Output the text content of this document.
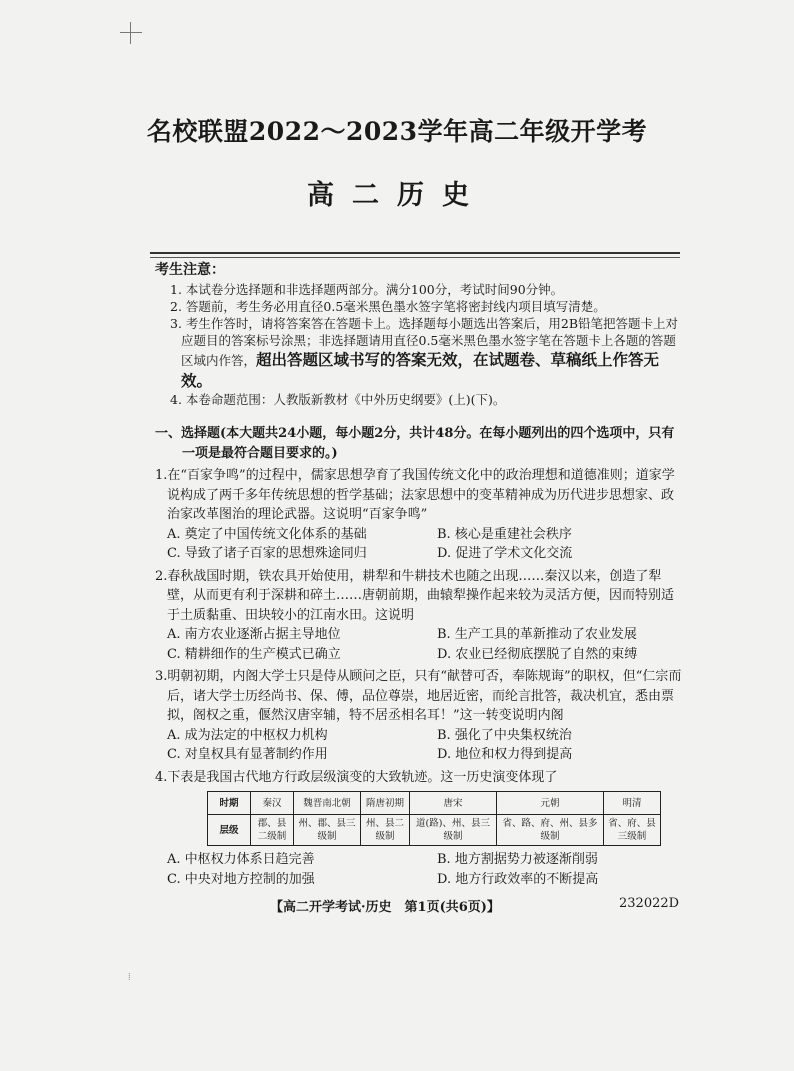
名校联盟2022～2023学年高二年级开学考
高二历史
考生注意：

1. 本试卷分选择题和非选择题两部分。满分100分，考试时间90分钟。

2. 答题前，考生务必用直径0.5毫米黑色墨水签字笔将密封线内项目填写清楚。

3. 考生作答时，请将答案答在答题卡上。选择题每小题选出答案后，用2B铅笔把答题卡上对应题目的答案标号涂黑；非选择题请用直径0.5毫米黑色墨水签字笔在答题卡上各题的答题区域内作答，超出答题区域书写的答案无效，在试题卷、草稿纸上作答无效。

4. 本卷命题范围：人教版新教材《中外历史纲要》(上)(下)。

一、选择题(本大题共24小题，每小题2分，共计48分。在每小题列出的四个选项中，只有一项是最符合题目要求的。)

1.在“百家争鸣”的过程中，儒家思想孕育了我国传统文化中的政治理想和道德准则；道家学说构成了两千多年传统思想的哲学基础；法家思想中的变革精神成为历代进步思想家、政治家改革图治的理论武器。这说明“百家争鸣”

A. 奠定了中国传统文化体系的基础	B. 核心是重建社会秩序
C. 导致了诸子百家的思想殊途同归	D. 促进了学术文化交流

2.春秋战国时期，铁农具开始使用，耕犁和牛耕技术也随之出现……秦汉以来，创造了犁壁，从而更有利于深耕和碎土……唐朝前期，曲辕犁操作起来较为灵活方便，因而特别适于土质黏重、田块较小的江南水田。这说明

A. 南方农业逐渐占据主导地位	B. 生产工具的革新推动了农业发展
C. 精耕细作的生产模式已确立	D. 农业已经彻底摆脱了自然的束缚

3.明朝初期，内阁大学士只是侍从顾问之臣，只有“献替可否，奉陈规诲”的职权，但“仁宗而后，诸大学士历经尚书、保、傅，品位尊崇，地居近密，而纶言批答，裁决机宜，悉由票拟，阁权之重，偃然汉唐宰辅，特不居丞相名耳！”这一转变说明内阁

A. 成为法定的中枢权力机构	B. 强化了中央集权统治
C. 对皇权具有显著制约作用	D. 地位和权力得到提高

4.下表是我国古代地方行政层级演变的大致轨迹。这一历史演变体现了

时期	秦汉	魏晋南北朝	隋唐初期	唐宋	元朝	明清
层级	郡、县二级制	州、郡、县三级制	州、县二级制	道(路)、州、县三级制	省、路、府、州、县多级制	省、府、县三级制
A. 中枢权力体系日趋完善	B. 地方割据势力被逐渐削弱
C. 中央对地方控制的加强	D. 地方行政效率的不断提高
【高二开学考试·历史　第1页(共6页)】	232022D
⁞
